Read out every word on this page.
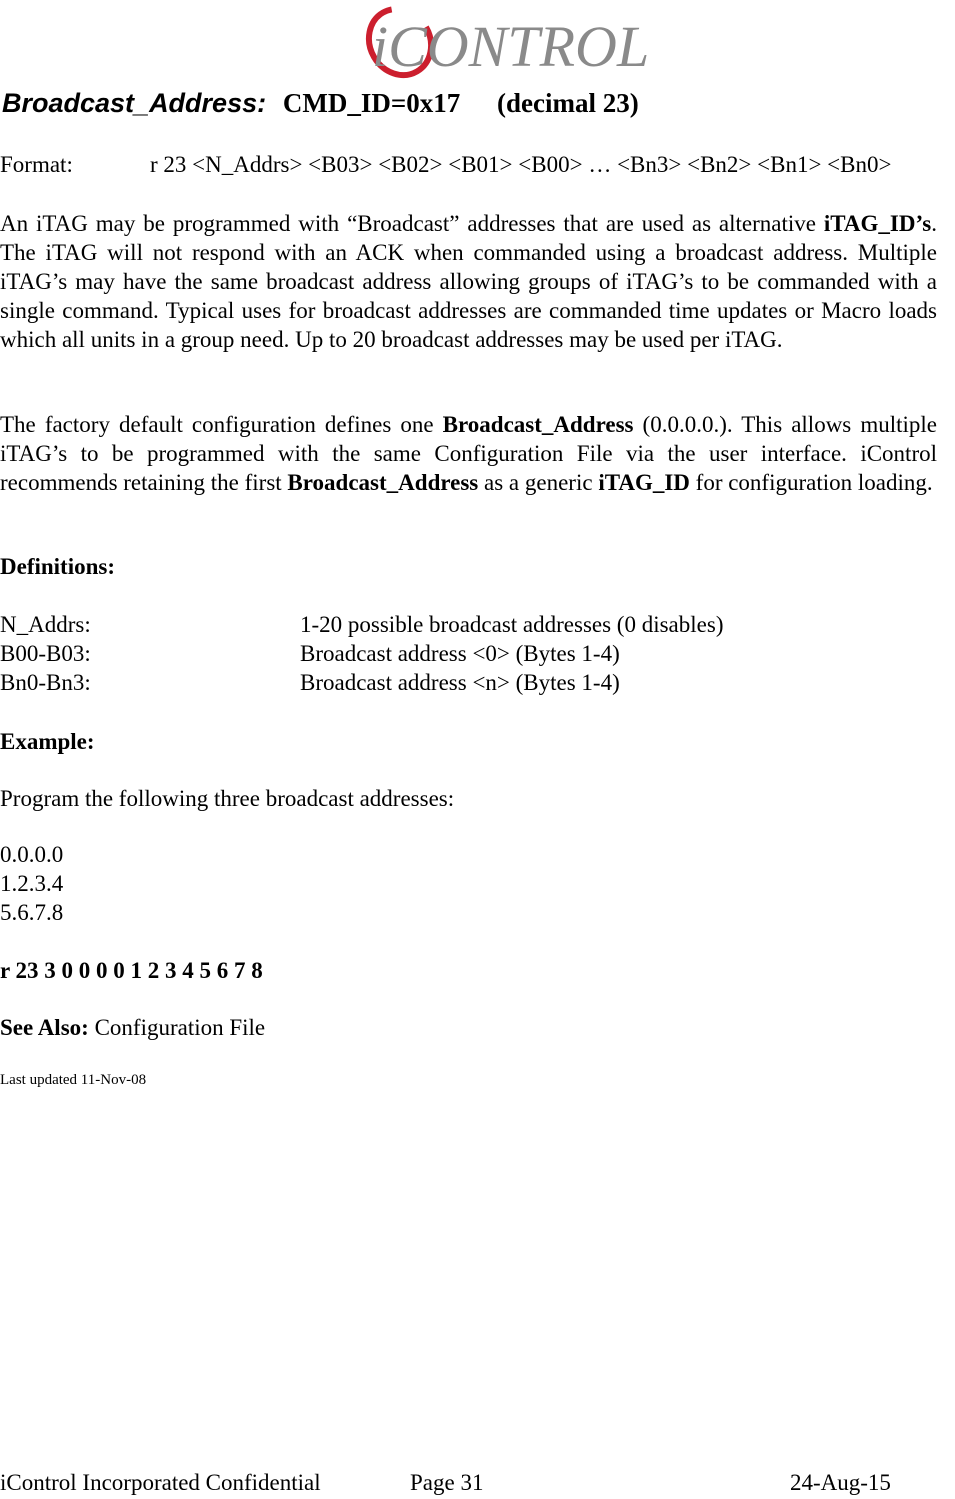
iCONTROL
Broadcast_Address: CMD_ID=0x17 (decimal 23)
Format:	r 23 <N_Addrs> <B03> <B02> <B01> <B00> … <Bn3> <Bn2> <Bn1> <Bn0>
An iTAG may be programmed with “Broadcast” addresses that are used as alternative iTAG_ID’s. The iTAG will not respond with an ACK when commanded using a broadcast address. Multiple iTAG’s may have the same broadcast address allowing groups of iTAG’s to be commanded with a single command. Typical uses for broadcast addresses are commanded time updates or Macro loads which all units in a group need. Up to 20 broadcast addresses may be used per iTAG.
The factory default configuration defines one Broadcast_Address (0.0.0.0.). This allows multiple iTAG’s to be programmed with the same Configuration File via the user interface. iControl recommends retaining the first Broadcast_Address as a generic iTAG_ID for configuration loading.
Definitions:
N_Addrs:	1-20 possible broadcast addresses (0 disables)
B00-B03:	Broadcast address <0> (Bytes 1-4)
Bn0-Bn3:	Broadcast address <n> (Bytes 1-4)
Example:
Program the following three broadcast addresses:
0.0.0.0
1.2.3.4
5.6.7.8
r 23 3 0 0 0 0 1 2 3 4 5 6 7 8
See Also: Configuration File
Last updated 11-Nov-08
iControl Incorporated Confidential	Page 31	24-Aug-15
